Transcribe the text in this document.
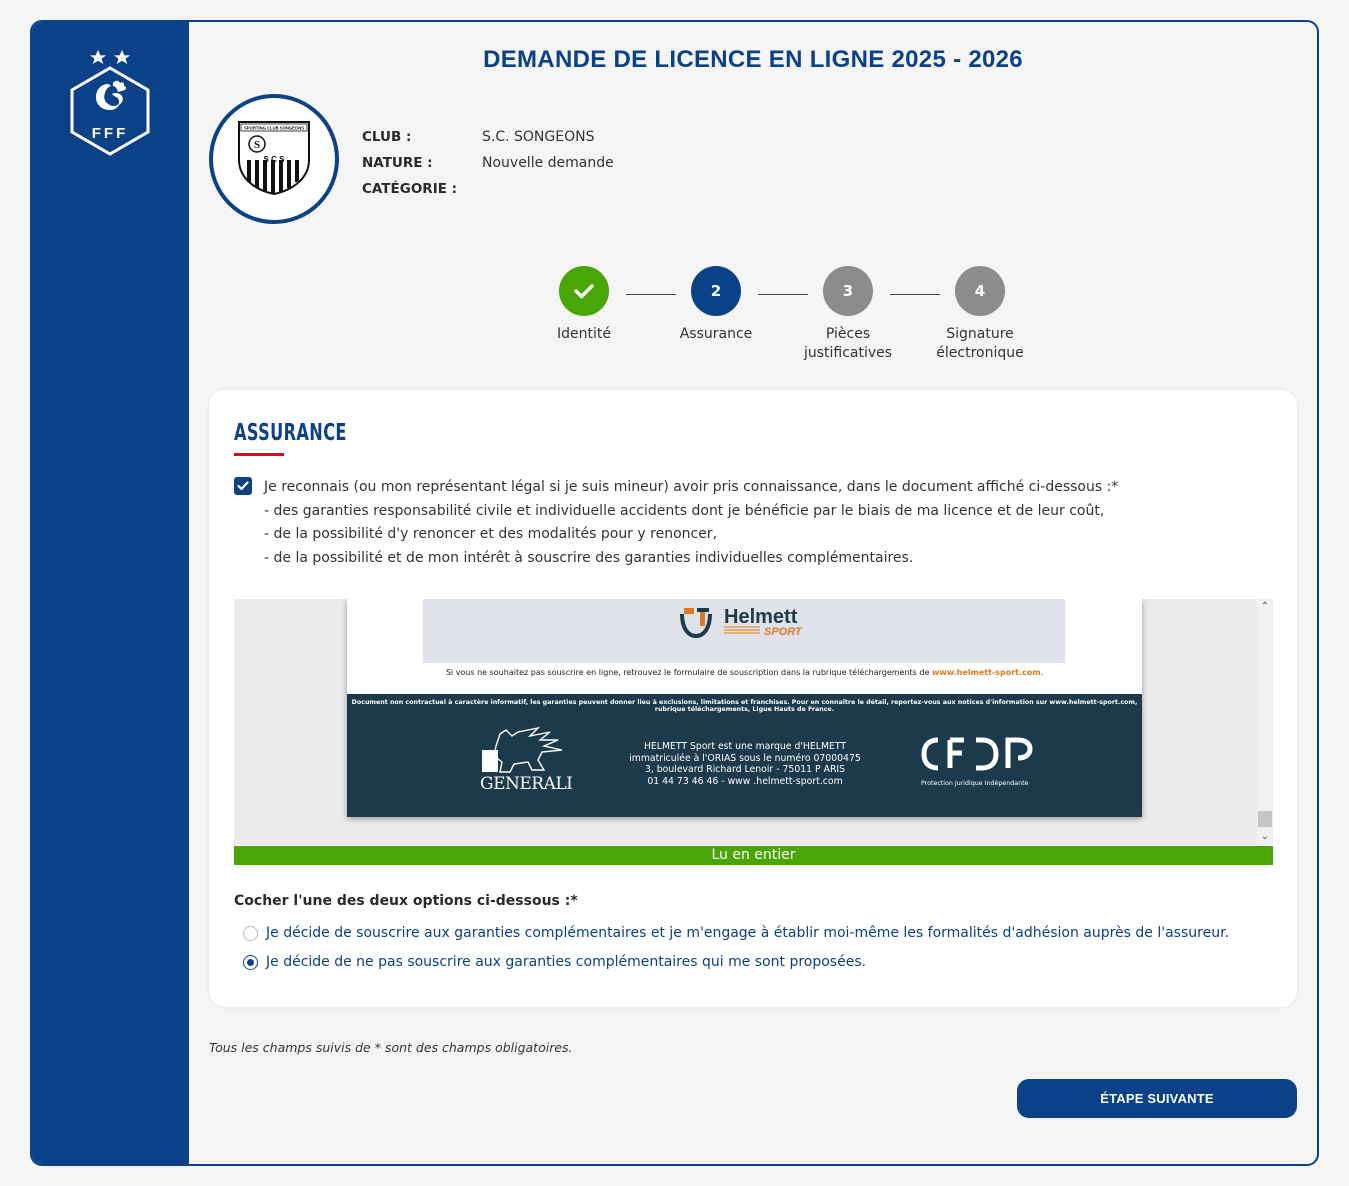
FFF
DEMANDE DE LICENCE EN LIGNE 2025 - 2026
SPORTING CLUB SONGEONS
S
S C S
CLUB :	S.C. SONGEONS
NATURE :	Nouvelle demande
CATÉGORIE :
Identité
2
Assurance
3
Pièces
justificatives
4
Signature
électronique
ASSURANCE
Je reconnais (ou mon représentant légal si je suis mineur) avoir pris connaissance, dans le document affiché ci-dessous :*
- des garanties responsabilité civile et individuelle accidents dont je bénéficie par le biais de ma licence et de leur coût,
- de la possibilité d'y renoncer et des modalités pour y renoncer,
- de la possibilité et de mon intérêt à souscrire des garanties individuelles complémentaires.
Helmett
SPORT
Si vous ne souhaitez pas souscrire en ligne, retrouvez le formulaire de souscription dans la rubrique téléchargements de www.helmett-sport.com.
Document non contractuel à caractère informatif, les garanties peuvent donner lieu à exclusions, limitations et franchises. Pour en connaître le détail, reportez-vous aux notices d'information sur www.helmett-sport.com, rubrique téléchargements, Ligue Hauts de France.
GENERALI
HELMETT Sport est une marque d'HELMETT
immatriculée à l'ORIAS sous le numéro 07000475
3, boulevard Richard Lenoir - 75011 P ARIS
01 44 73 46 46 - www .helmett-sport.com	Protection Juridique Indépendante
⌃
⌄
Lu en entier
Cocher l'une des deux options ci-dessous :*
Je décide de souscrire aux garanties complémentaires et je m'engage à établir moi-même les formalités d'adhésion auprès de l'assureur.
Je décide de ne pas souscrire aux garanties complémentaires qui me sont proposées.
Tous les champs suivis de * sont des champs obligatoires.
ÉTAPE SUIVANTE
